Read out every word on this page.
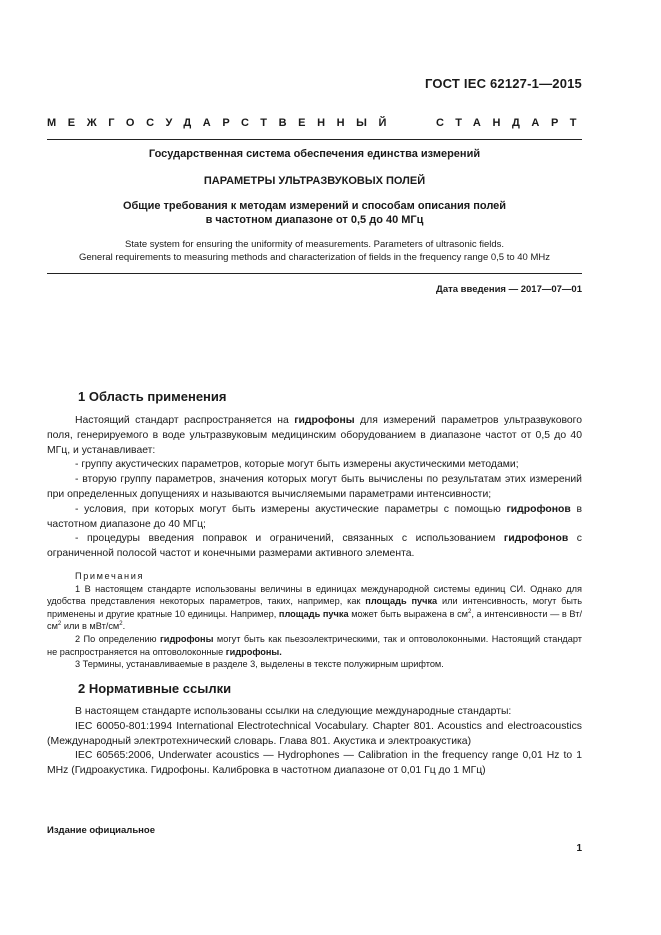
ГОСТ IEC 62127-1—2015
МЕЖГОСУДАРСТВЕННЫЙ	СТАНДАРТ
Государственная система обеспечения единства измерений
ПАРАМЕТРЫ УЛЬТРАЗВУКОВЫХ ПОЛЕЙ
Общие требования к методам измерений и способам описания полей
в частотном диапазоне от 0,5 до 40 МГц
State system for ensuring the uniformity of measurements. Parameters of ultrasonic fields.
General requirements to measuring methods and characterization of fields in the frequency range 0,5 to 40 MHz
Дата введения — 2017—07—01
1 Область применения

Настоящий стандарт распространяется на гидрофоны для измерений параметров ультразвукового поля, генерируемого в воде ультразвуковым медицинским оборудованием в диапазоне частот от 0,5 до 40 МГц, и устанавливает:

- группу акустических параметров, которые могут быть измерены акустическими методами;

- вторую группу параметров, значения которых могут быть вычислены по результатам этих измерений при определенных допущениях и называются вычисляемыми параметрами интенсивности;

- условия, при которых могут быть измерены акустические параметры с помощью гидрофонов в частотном диапазоне до 40 МГц;

- процедуры введения поправок и ограничений, связанных с использованием гидрофонов с ограниченной полосой частот и конечными размерами активного элемента.

Примечания

1 В настоящем стандарте использованы величины в единицах международной системы единиц СИ. Однако для удобства представления некоторых параметров, таких, например, как площадь пучка или интенсивность, могут быть применены и другие кратные 10 единицы. Например, площадь пучка может быть выражена в $см^2$, а интенсивности — в $Вт/см^2$ или в мВт/$см^2$.

2 По определению гидрофоны могут быть как пьезоэлектрическими, так и оптоволоконными. Настоящий стандарт не распространяется на оптоволоконные гидрофоны.

3 Термины, устанавливаемые в разделе 3, выделены в тексте полужирным шрифтом.

2 Нормативные ссылки

В настоящем стандарте использованы ссылки на следующие международные стандарты:

IEC 60050-801:1994 International Electrotechnical Vocabulary. Chapter 801. Acoustics and electroacoustics (Международный электротехнический словарь. Глава 801. Акустика и электроакустика)

IEC 60565:2006, Underwater acoustics — Hydrophones — Calibration in the frequency range 0,01 Hz to 1 MHz (Гидроакустика. Гидрофоны. Калибровка в частотном диапазоне от 0,01 Гц до 1 МГц)

Издание официальное
1
